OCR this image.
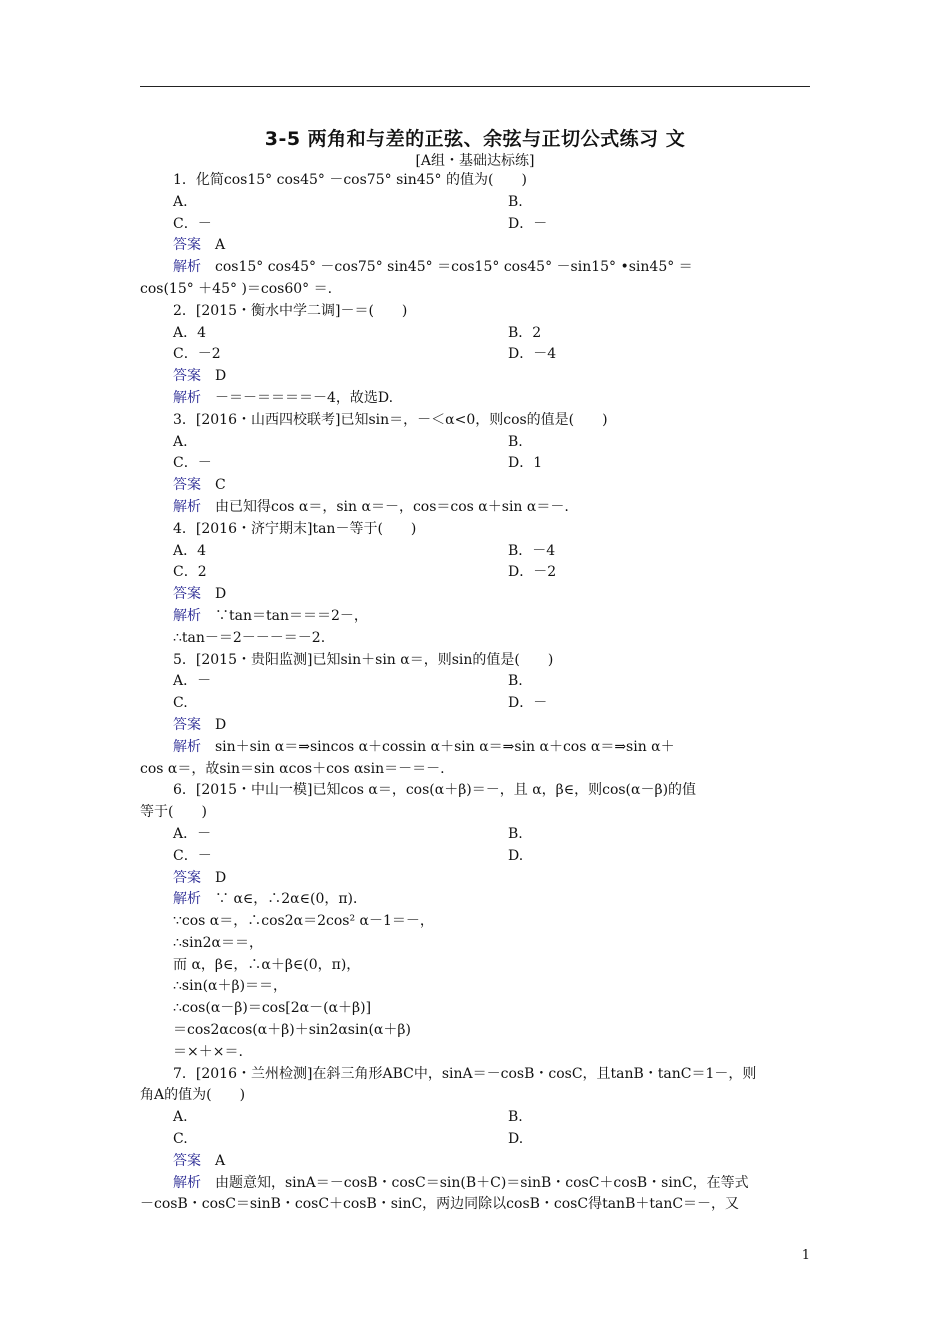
3-5 两角和与差的正弦、余弦与正切公式练习 文
[A组・基础达标练]
1．化简cos15° cos45° －cos75° sin45° 的值为(　　)
A.	B.
C．－	D．－
答案　A
解析　cos15° cos45° －cos75° sin45° ＝cos15° cos45° －sin15° •sin45° ＝
cos(15° ＋45° )＝cos60° ＝.
2．[2015・衡水中学二调]－＝(　　)
A．4	B．2
C．－2	D．－4
答案　D
解析　－＝－＝＝＝＝－4，故选D.
3．[2016・山西四校联考]已知sin＝，－＜α<0，则cos的值是(　　)
A.	B.
C．－	D．1
答案　C
解析　由已知得cos α＝，sin α＝－，cos＝cos α＋sin α＝－.
4．[2016・济宁期末]tan－等于(　　)
A．4	B．－4
C．2	D．－2
答案　D
解析　∵tan＝tan＝＝＝2－，
∴tan－＝2－－－＝－2.
5．[2015・贵阳监测]已知sin＋sin α＝，则sin的值是(　　)
A．－	B.
C.	D．－
答案　D
解析　sin＋sin α＝⇒sincos α＋cossin α＋sin α＝⇒sin α＋cos α＝⇒sin α＋
cos α＝，故sin＝sin αcos＋cos αsin＝－＝－.
6．[2015・中山一模]已知cos α＝，cos(α＋β)＝－，且 α，β∈，则cos(α－β)的值
等于(　　)
A．－	B.
C．－	D.
答案　D
解析　∵ α∈，∴2α∈(0，π)．
∵cos α＝，∴cos2α＝2cos² α－1＝－，
∴sin2α＝＝，
而 α，β∈，∴α＋β∈(0，π)，
∴sin(α＋β)＝＝，
∴cos(α－β)＝cos[2α－(α＋β)]
＝cos2αcos(α＋β)＋sin2αsin(α＋β)
＝×＋×＝.
7．[2016・兰州检测]在斜三角形ABC中，sinA＝－cosB・cosC，且tanB・tanC＝1－，则
角A的值为(　　)
A.	B.
C.	D.
答案　A
解析　由题意知，sinA＝－cosB・cosC＝sin(B＋C)＝sinB・cosC＋cosB・sinC，在等式
－cosB・cosC＝sinB・cosC＋cosB・sinC，两边同除以cosB・cosC得tanB＋tanC＝－，又
1
